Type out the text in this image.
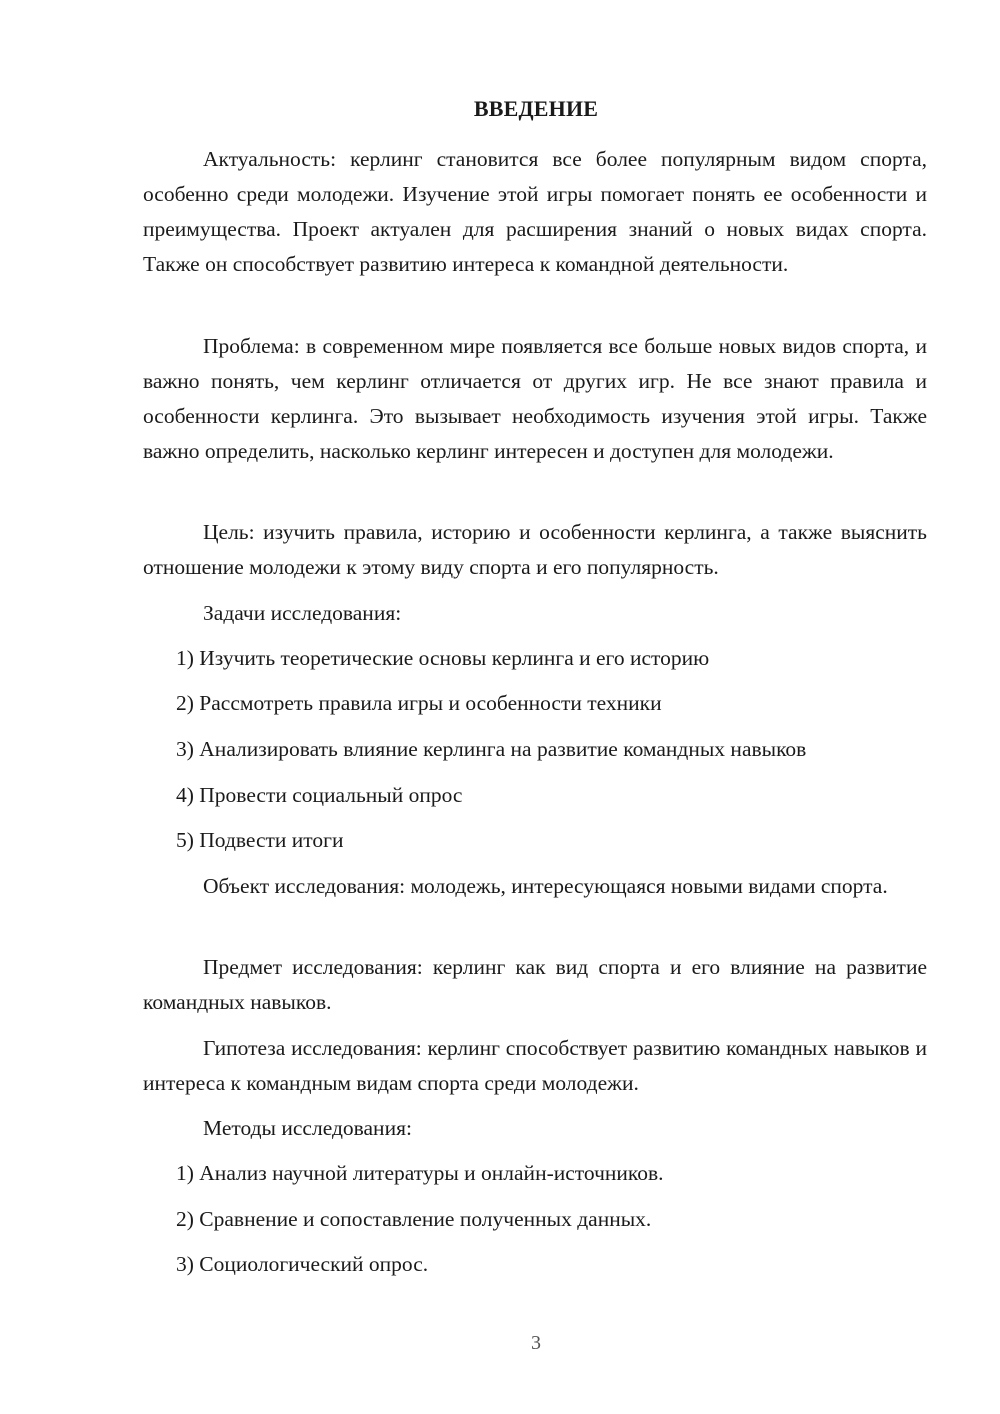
ВВЕДЕНИЕ

Актуальность: керлинг становится все более популярным видом спорта, особенно среди молодежи. Изучение этой игры помогает понять ее особенности и преимущества. Проект актуален для расширения знаний о новых видах спорта. Также он способствует развитию интереса к командной деятельности.

Проблема: в современном мире появляется все больше новых видов спорта, и важно понять, чем керлинг отличается от других игр. Не все знают правила и особенности керлинга. Это вызывает необходимость изучения этой игры. Также важно определить, насколько керлинг интересен и доступен для молодежи.

Цель: изучить правила, историю и особенности керлинга, а также выяснить отношение молодежи к этому виду спорта и его популярность.

Задачи исследования:

1) Изучить теоретические основы керлинга и его историю

2) Рассмотреть правила игры и особенности техники

3) Анализировать влияние керлинга на развитие командных навыков

4) Провести социальный опрос

5) Подвести итоги

Объект исследования: молодежь, интересующаяся новыми видами спорта.

Предмет исследования: керлинг как вид спорта и его влияние на развитие командных навыков.

Гипотеза исследования: керлинг способствует развитию командных навыков и интереса к командным видам спорта среди молодежи.

Методы исследования:

1) Анализ научной литературы и онлайн-источников.

2) Сравнение и сопоставление полученных данных.

3) Социологический опрос.

3
